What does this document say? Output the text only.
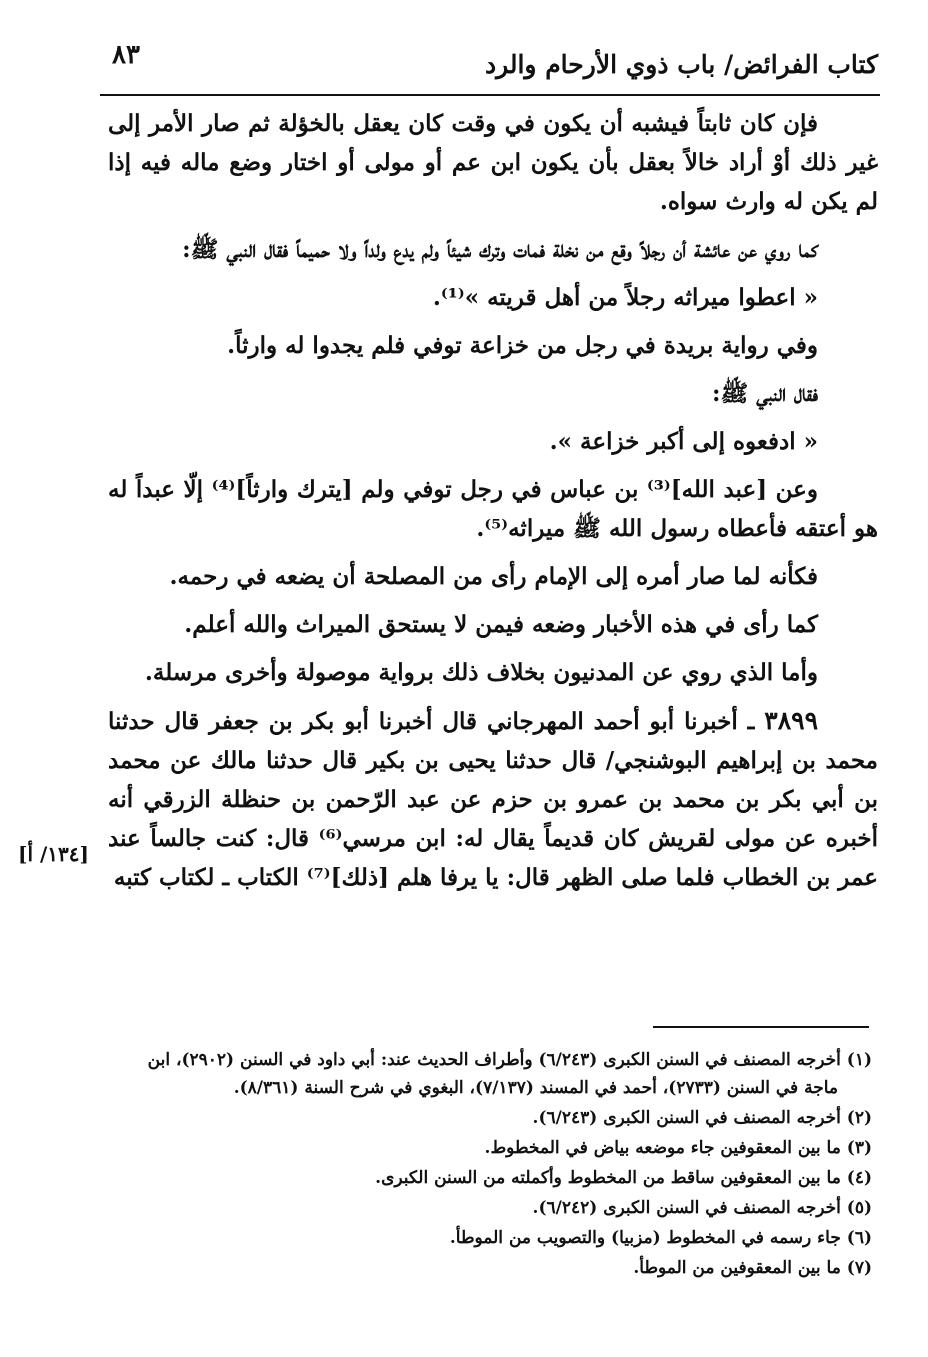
كتاب الفرائض/ باب ذوي الأرحام والرد
٨٣

فإن كان ثابتاً فيشبه أن يكون في وقت كان يعقل بالخؤلة ثم صار الأمر إلى غير ذلك أوْ أراد خالاً بعقل بأن يكون ابن عم أو مولى أو اختار وضع ماله فيه إذا لم يكن له وارث سواه.

كما روي عن عائشة أن رجلاً وقع من نخلة فمات وترك شيئاً ولم يدع ولداً ولا حميماً فقال النبي ﷺ:

« اعطوا ميراثه رجلاً من أهل قريته »⁽¹⁾.

وفي رواية بريدة في رجل من خزاعة توفي فلم يجدوا له وارثاً.

فقال النبي ﷺ:

« ادفعوه إلى أكبر خزاعة ».

وعن [عبد الله]⁽³⁾ بن عباس في رجل توفي ولم [يترك وارثاً]⁽⁴⁾ إلّا عبداً له هو أعتقه فأعطاه رسول الله ﷺ ميراثه⁽⁵⁾.

فكأنه لما صار أمره إلى الإمام رأى من المصلحة أن يضعه في رحمه.

كما رأى في هذه الأخبار وضعه فيمن لا يستحق الميراث والله أعلم.

وأما الذي روي عن المدنيون بخلاف ذلك برواية موصولة وأخرى مرسلة.

٣٨٩٩ ـ أخبرنا أبو أحمد المهرجاني قال أخبرنا أبو بكر بن جعفر قال حدثنا محمد بن إبراهيم البوشنجي/ قال حدثنا يحيى بن بكير قال حدثنا مالك عن محمد بن أبي بكر بن محمد بن عمرو بن حزم عن عبد الرّحمن بن حنظلة الزرقي أنه أخبره عن مولى لقريش كان قديماً يقال له: ابن مرسي⁽⁶⁾ قال: كنت جالساً عند عمر بن الخطاب فلما صلى الظهر قال: يا يرفا هلم [ذلك]⁽⁷⁾ الكتاب ـ لكتاب كتبه

[١٣٤/ أ]
(١) أخرجه المصنف في السنن الكبرى (٦/٢٤٣) وأطراف الحديث عند: أبي داود في السنن (٢٩٠٢)، ابن ماجة في السنن (٢٧٣٣)، أحمد في المسند (٧/١٣٧)، البغوي في شرح السنة (٨/٣٦١).
(٢) أخرجه المصنف في السنن الكبرى (٦/٢٤٣).
(٣) ما بين المعقوفين جاء موضعه بياض في المخطوط.
(٤) ما بين المعقوفين ساقط من المخطوط وأكملته من السنن الكبرى.
(٥) أخرجه المصنف في السنن الكبرى (٦/٢٤٢).
(٦) جاء رسمه في المخطوط (مزبيا) والتصويب من الموطأ.
(٧) ما بين المعقوفين من الموطأ.
